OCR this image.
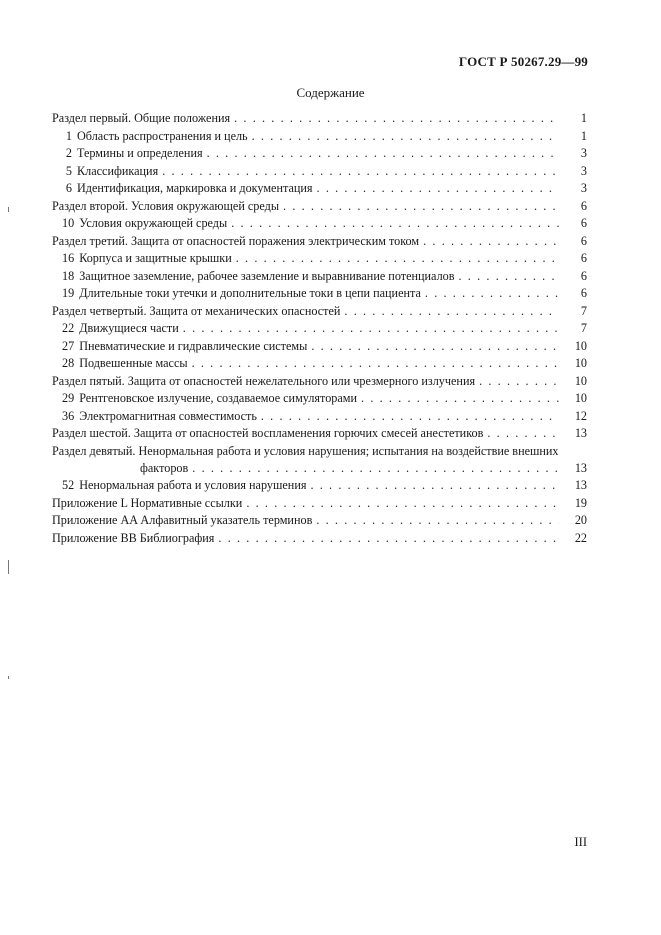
ГОСТ Р 50267.29—99
Содержание
Раздел первый. Общие положения . . .	1
1 Область распространения и цель . . .	1
2 Термины и определения . . .	3
5 Классификация . . .	3
6 Идентификация, маркировка и документация . . .	3
Раздел второй. Условия окружающей среды . . .	6
10 Условия окружающей среды . . .	6
Раздел третий. Защита от опасностей поражения электрическим током . . .	6
16 Корпуса и защитные крышки . . .	6
18 Защитное заземление, рабочее заземление и выравнивание потенциалов . . .	6
19 Длительные токи утечки и дополнительные токи в цепи пациента . . .	6
Раздел четвертый. Защита от механических опасностей . . .	7
22 Движущиеся части . . .	7
27 Пневматические и гидравлические системы . . .	10
28 Подвешенные массы . . .	10
Раздел пятый. Защита от опасностей нежелательного или чрезмерного излучения . . .	10
29 Рентгеновское излучение, создаваемое симуляторами . . .	10
36 Электромагнитная совместимость . . .	12
Раздел шестой. Защита от опасностей воспламенения горючих смесей анестетиков . . .	13
Раздел девятый. Ненормальная работа и условия нарушения; испытания на воздействие внешних
факторов . . .	13
52 Ненормальная работа и условия нарушения . . .	13
Приложение L Нормативные ссылки . . .	19
Приложение AA Алфавитный указатель терминов . . .	20
Приложение BB Библиография . . .	22
III
